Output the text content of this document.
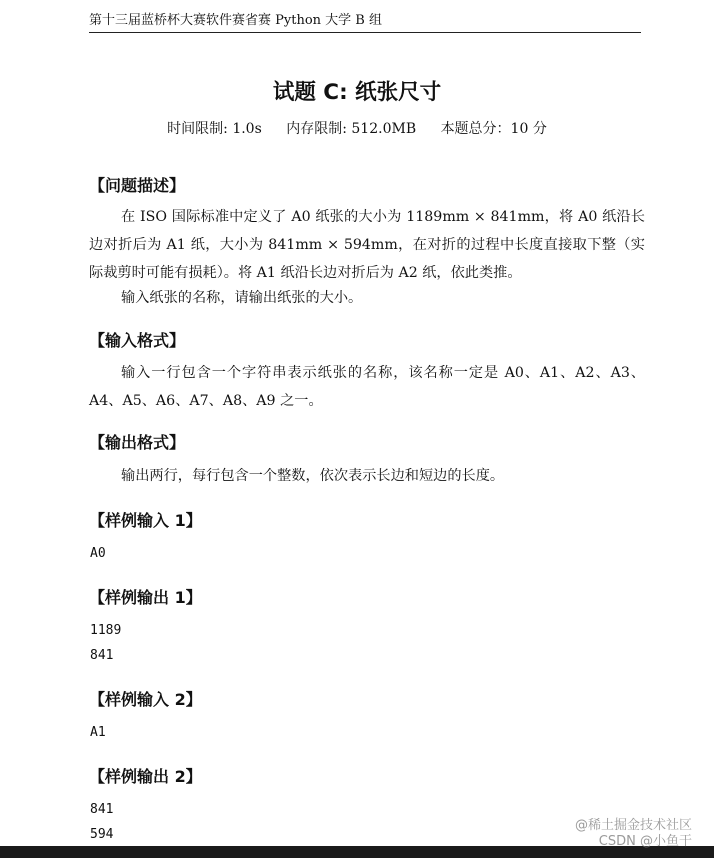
第十三届蓝桥杯大赛软件赛省赛 Python 大学 B 组
试题 C: 纸张尺寸
时间限制: 1.0s 内存限制: 512.0MB 本题总分：10 分
【问题描述】

在 ISO 国际标准中定义了 A0 纸张的大小为 1189mm × 841mm，将 A0 纸沿长边对折后为 A1 纸，大小为 841mm × 594mm，在对折的过程中长度直接取下整（实际裁剪时可能有损耗）。将 A1 纸沿长边对折后为 A2 纸，依此类推。

输入纸张的名称，请输出纸张的大小。

【输入格式】

输入一行包含一个字符串表示纸张的名称，该名称一定是 A0、A1、A2、A3、A4、A5、A6、A7、A8、A9 之一。

【输出格式】

输出两行，每行包含一个整数，依次表示长边和短边的长度。

【样例输入 1】
A0
【样例输出 1】
1189
841
【样例输入 2】
A1
【样例输出 2】
841
594
@稀土掘金技术社区
CSDN @小鱼干
